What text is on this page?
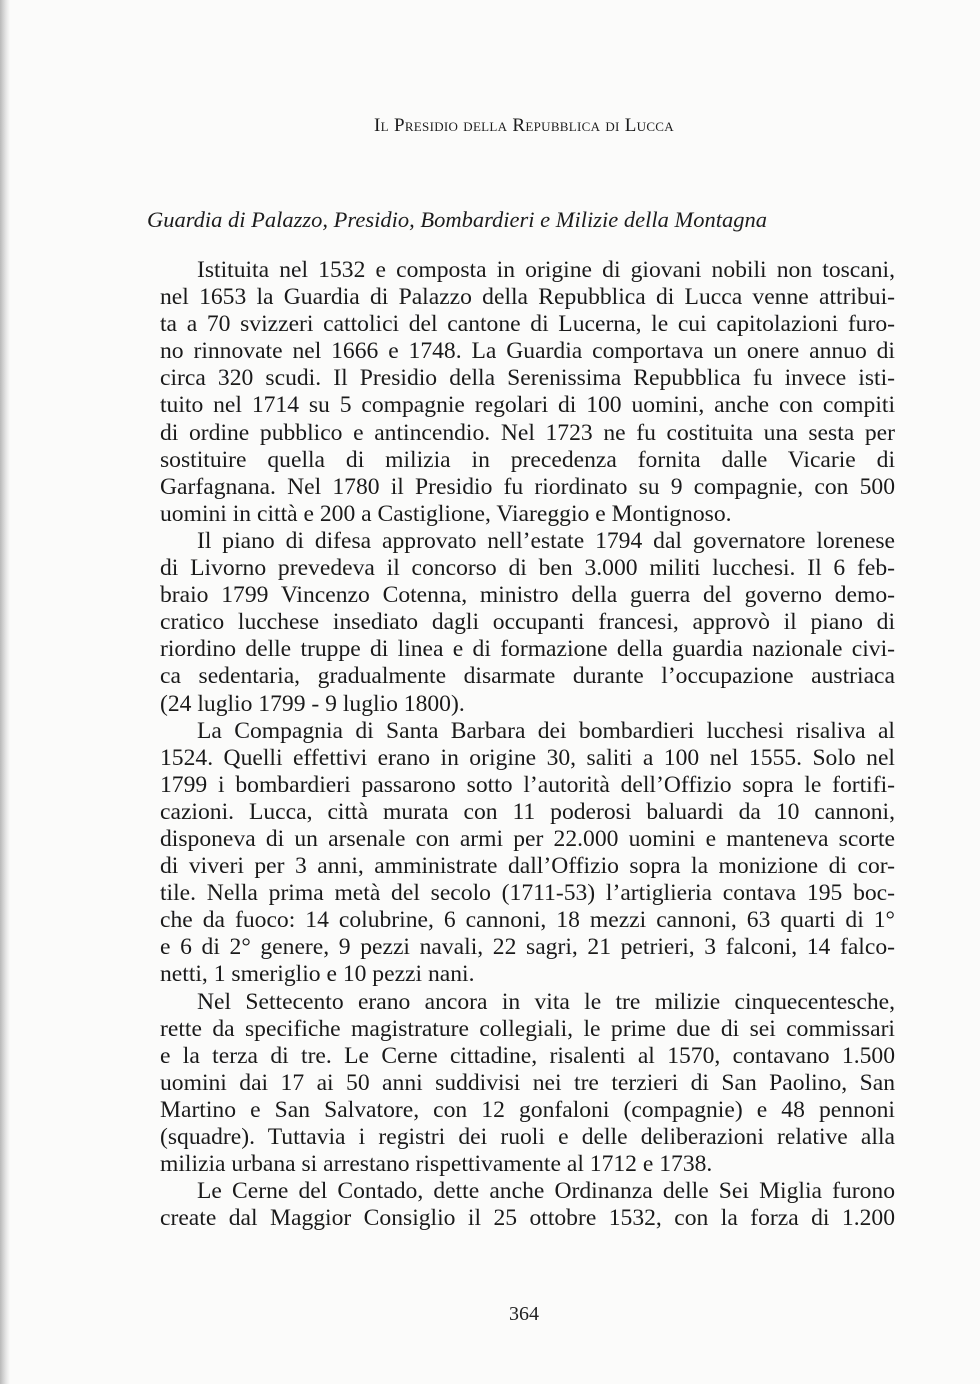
Il Presidio della Repubblica di Lucca
Guardia di Palazzo, Presidio, Bombardieri e Milizie della Montagna
Istituita nel 1532 e composta in origine di giovani nobili non toscani,
nel 1653 la Guardia di Palazzo della Repubblica di Lucca venne attribui-
ta a 70 svizzeri cattolici del cantone di Lucerna, le cui capitolazioni furo-
no rinnovate nel 1666 e 1748. La Guardia comportava un onere annuo di
circa 320 scudi. Il Presidio della Serenissima Repubblica fu invece isti-
tuito nel 1714 su 5 compagnie regolari di 100 uomini, anche con compiti
di ordine pubblico e antincendio. Nel 1723 ne fu costituita una sesta per
sostituire quella di milizia in precedenza fornita dalle Vicarie di
Garfagnana. Nel 1780 il Presidio fu riordinato su 9 compagnie, con 500
uomini in città e 200 a Castiglione, Viareggio e Montignoso.
Il piano di difesa approvato nell’estate 1794 dal governatore lorenese
di Livorno prevedeva il concorso di ben 3.000 militi lucchesi. Il 6 feb-
braio 1799 Vincenzo Cotenna, ministro della guerra del governo demo-
cratico lucchese insediato dagli occupanti francesi, approvò il piano di
riordino delle truppe di linea e di formazione della guardia nazionale civi-
ca sedentaria, gradualmente disarmate durante l’occupazione austriaca
(24 luglio 1799 - 9 luglio 1800).
La Compagnia di Santa Barbara dei bombardieri lucchesi risaliva al
1524. Quelli effettivi erano in origine 30, saliti a 100 nel 1555. Solo nel
1799 i bombardieri passarono sotto l’autorità dell’Offizio sopra le fortifi-
cazioni. Lucca, città murata con 11 poderosi baluardi da 10 cannoni,
disponeva di un arsenale con armi per 22.000 uomini e manteneva scorte
di viveri per 3 anni, amministrate dall’Offizio sopra la monizione di cor-
tile. Nella prima metà del secolo (1711-53) l’artiglieria contava 195 boc-
che da fuoco: 14 colubrine, 6 cannoni, 18 mezzi cannoni, 63 quarti di 1°
e 6 di 2° genere, 9 pezzi navali, 22 sagri, 21 petrieri, 3 falconi, 14 falco-
netti, 1 smeriglio e 10 pezzi nani.
Nel Settecento erano ancora in vita le tre milizie cinquecentesche,
rette da specifiche magistrature collegiali, le prime due di sei commissari
e la terza di tre. Le Cerne cittadine, risalenti al 1570, contavano 1.500
uomini dai 17 ai 50 anni suddivisi nei tre terzieri di San Paolino, San
Martino e San Salvatore, con 12 gonfaloni (compagnie) e 48 pennoni
(squadre). Tuttavia i registri dei ruoli e delle deliberazioni relative alla
milizia urbana si arrestano rispettivamente al 1712 e 1738.
Le Cerne del Contado, dette anche Ordinanza delle Sei Miglia furono
create dal Maggior Consiglio il 25 ottobre 1532, con la forza di 1.200
364
